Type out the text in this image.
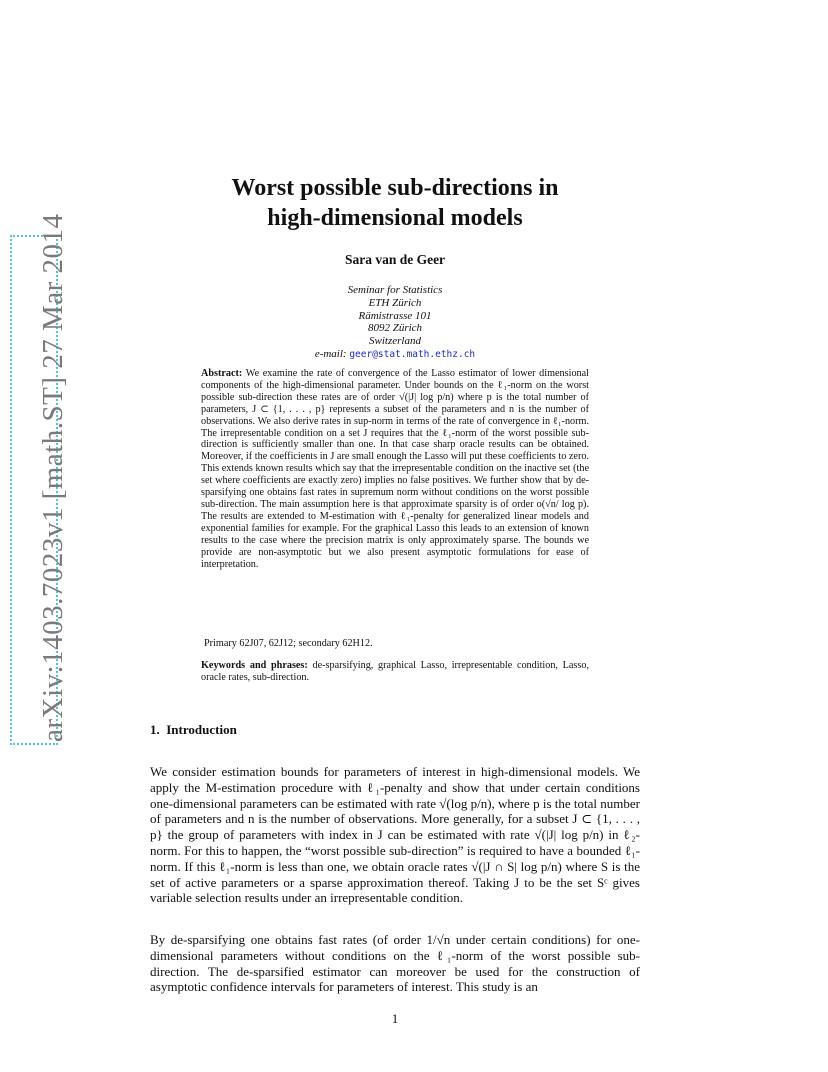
arXiv:1403.7023v1 [math.ST] 27 Mar 2014
Worst possible sub-directions in
high-dimensional models
Sara van de Geer
Seminar for Statistics
ETH Zürich
Rämistrasse 101
8092 Zürich
Switzerland
e-mail: geer@stat.math.ethz.ch
Abstract: We examine the rate of convergence of the Lasso estimator of lower dimensional components of the high-dimensional parameter. Under bounds on the ℓ₁-norm on the worst possible sub-direction these rates are of order √(|J| log p/n) where p is the total number of parameters, J ⊂ {1, . . . , p} represents a subset of the parameters and n is the number of observations. We also derive rates in sup-norm in terms of the rate of convergence in ℓ₁-norm. The irrepresentable condition on a set J requires that the ℓ₁-norm of the worst possible sub-direction is sufficiently smaller than one. In that case sharp oracle results can be obtained. Moreover, if the coefficients in J are small enough the Lasso will put these coefficients to zero. This extends known results which say that the irrepresentable condition on the inactive set (the set where coefficients are exactly zero) implies no false positives. We further show that by de-sparsifying one obtains fast rates in supremum norm without conditions on the worst possible sub-direction. The main assumption here is that approximate sparsity is of order o(√n/ log p). The results are extended to M-estimation with ℓ₁-penalty for generalized linear models and exponential families for example. For the graphical Lasso this leads to an extension of known results to the case where the precision matrix is only approximately sparse. The bounds we provide are non-asymptotic but we also present asymptotic formulations for ease of interpretation.
Primary 62J07, 62J12; secondary 62H12.
Keywords and phrases: de-sparsifying, graphical Lasso, irrepresentable condition, Lasso, oracle rates, sub-direction.
1. Introduction
We consider estimation bounds for parameters of interest in high-dimensional models. We apply the M-estimation procedure with ℓ₁-penalty and show that under certain conditions one-dimensional parameters can be estimated with rate √(log p/n), where p is the total number of parameters and n is the number of observations. More generally, for a subset J ⊂ {1, . . . , p} the group of parameters with index in J can be estimated with rate √(|J| log p/n) in ℓ₂-norm. For this to happen, the “worst possible sub-direction” is required to have a bounded ℓ₁-norm. If this ℓ₁-norm is less than one, we obtain oracle rates √(|J ∩ S| log p/n) where S is the set of active parameters or a sparse approximation thereof. Taking J to be the set Sᶜ gives variable selection results under an irrepresentable condition.
By de-sparsifying one obtains fast rates (of order 1/√n under certain conditions) for one-dimensional parameters without conditions on the ℓ₁-norm of the worst possible sub-direction. The de-sparsified estimator can moreover be used for the construction of asymptotic confidence intervals for parameters of interest. This study is an
1
